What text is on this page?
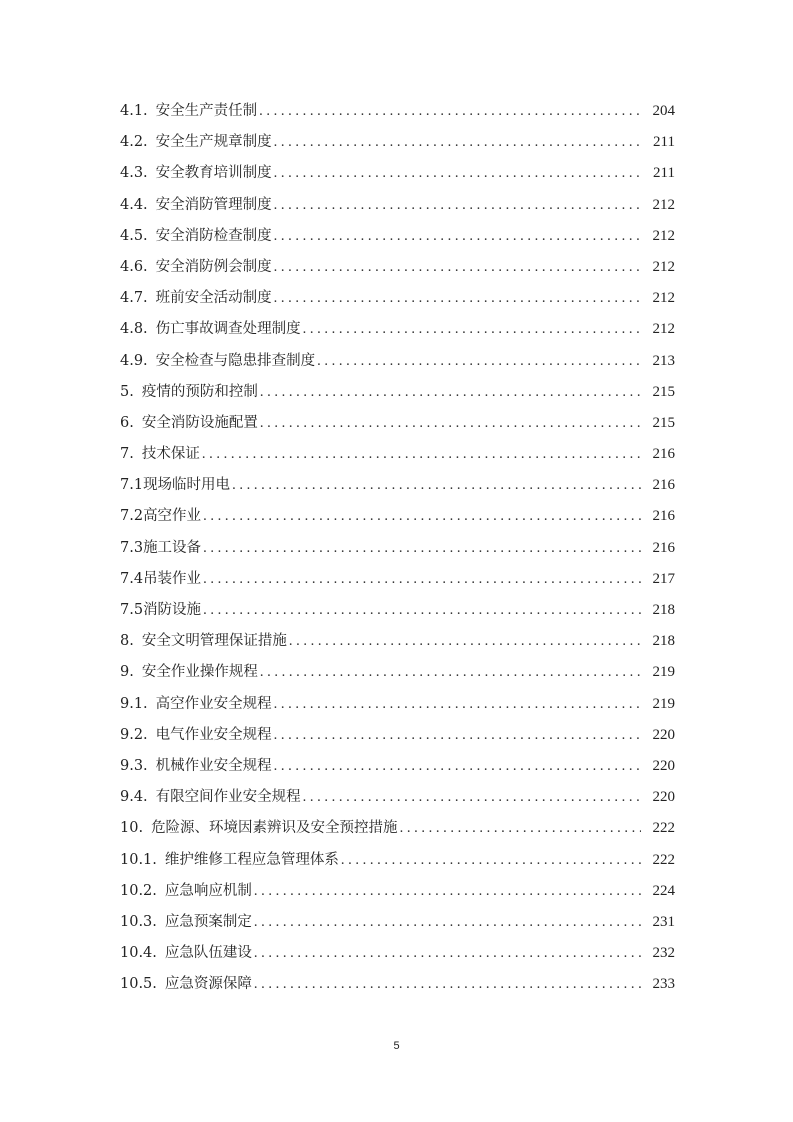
4.1. 安全生产责任制 . . .	204
4.2. 安全生产规章制度 . . .	211
4.3. 安全教育培训制度 . . .	211
4.4. 安全消防管理制度 . . .	212
4.5. 安全消防检查制度 . . .	212
4.6. 安全消防例会制度 . . .	212
4.7. 班前安全活动制度 . . .	212
4.8. 伤亡事故调查处理制度 . . .	212
4.9. 安全检查与隐患排查制度 . . .	213
5. 疫情的预防和控制 . . .	215
6. 安全消防设施配置 . . .	215
7. 技术保证 . . .	216
7.1现场临时用电 . . .	216
7.2高空作业 . . .	216
7.3施工设备 . . .	216
7.4吊装作业 . . .	217
7.5消防设施 . . .	218
8. 安全文明管理保证措施 . . .	218
9. 安全作业操作规程 . . .	219
9.1. 高空作业安全规程 . . .	219
9.2. 电气作业安全规程 . . .	220
9.3. 机械作业安全规程 . . .	220
9.4. 有限空间作业安全规程 . . .	220
10. 危险源、环境因素辨识及安全预控措施 . . .	222
10.1. 维护维修工程应急管理体系 . . .	222
10.2. 应急响应机制 . . .	224
10.3. 应急预案制定 . . .	231
10.4. 应急队伍建设 . . .	232
10.5. 应急资源保障 . . .	233
5
